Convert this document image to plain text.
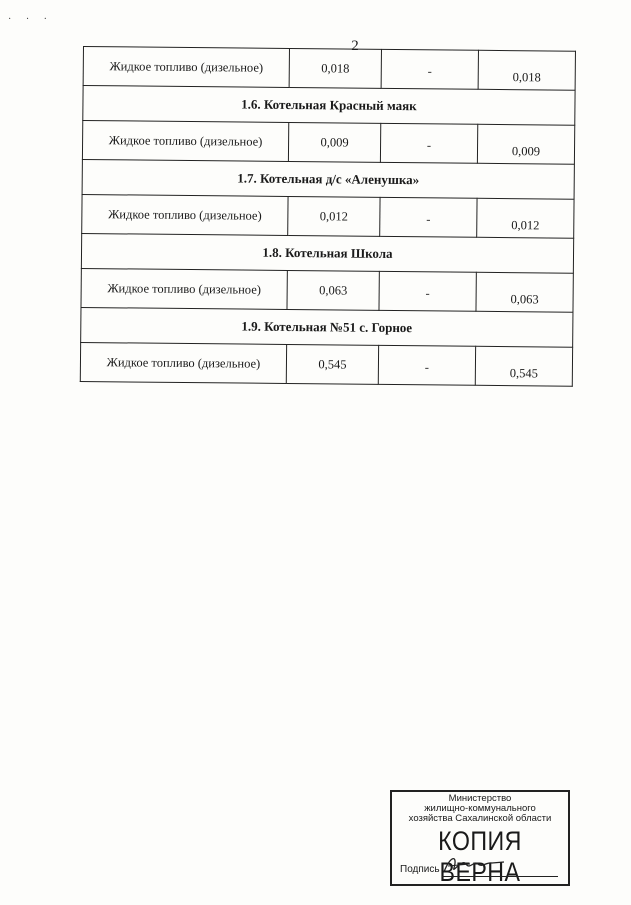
· · ·
2
Жидкое топливо (дизельное)	0,018	-	0,018
1.6. Котельная Красный маяк			
Жидкое топливо (дизельное)	0,009	-	0,009
1.7. Котельная д/с «Аленушка»			
Жидкое топливо (дизельное)	0,012	-	0,012
1.8. Котельная Школа			
Жидкое топливо (дизельное)	0,063	-	0,063
1.9. Котельная №51 с. Горное			
Жидкое топливо (дизельное)	0,545	-	0,545
Министерство
жилищно-коммунального
хозяйства Сахалинской области
КОПИЯ ВЕРНА
Подпись
